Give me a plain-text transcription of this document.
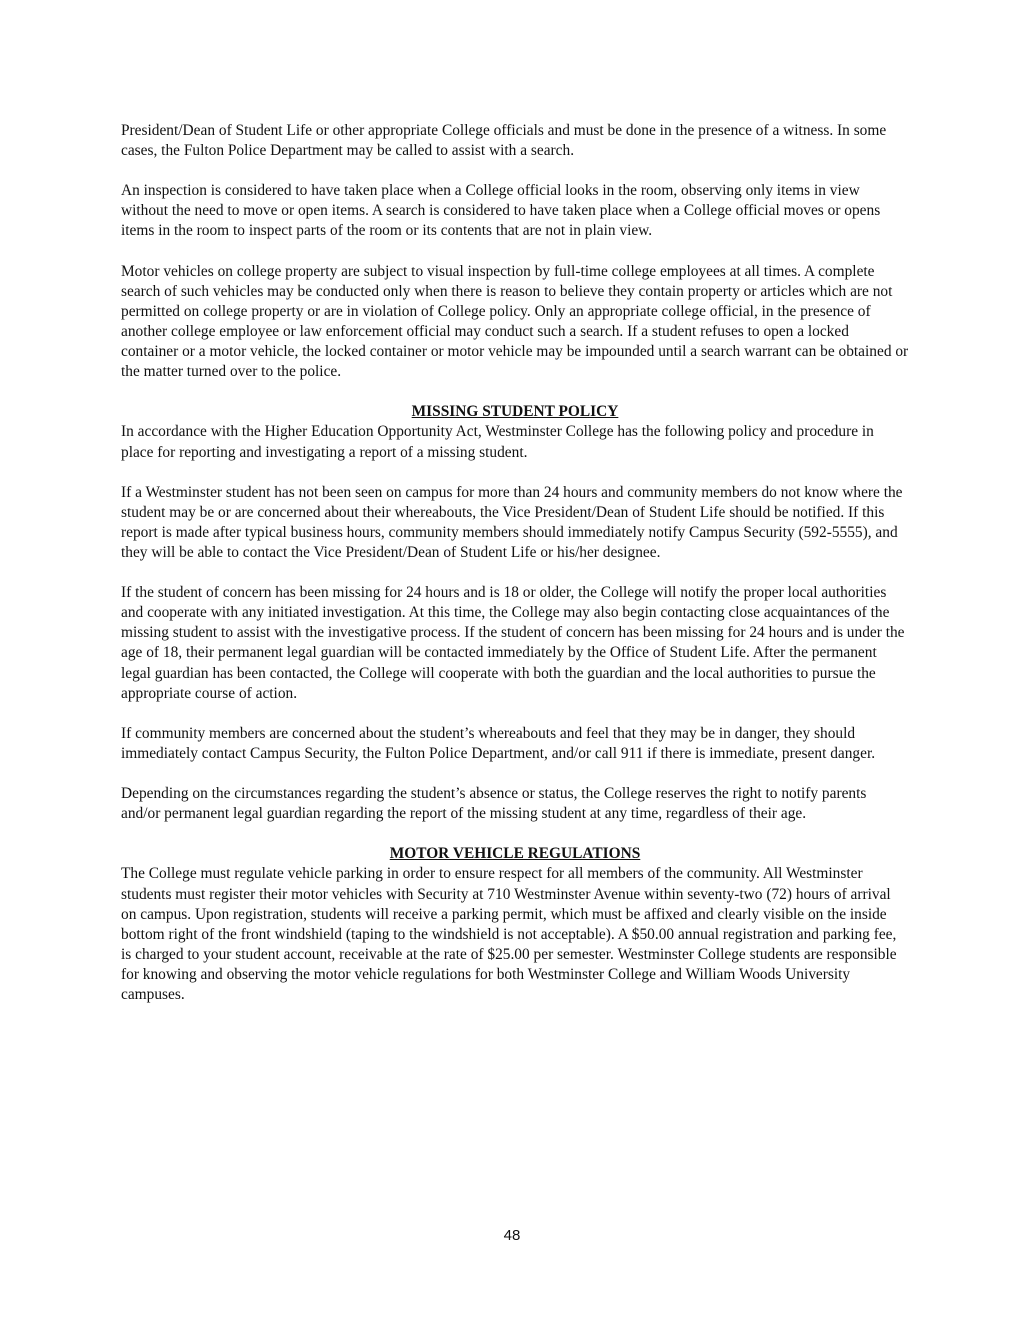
President/Dean of Student Life or other appropriate College officials and must be done in the presence of a witness. In some cases, the Fulton Police Department may be called to assist with a search.

An inspection is considered to have taken place when a College official looks in the room, observing only items in view without the need to move or open items. A search is considered to have taken place when a College official moves or opens items in the room to inspect parts of the room or its contents that are not in plain view.

Motor vehicles on college property are subject to visual inspection by full-time college employees at all times. A complete search of such vehicles may be conducted only when there is reason to believe they contain property or articles which are not permitted on college property or are in violation of College policy. Only an appropriate college official, in the presence of another college employee or law enforcement official may conduct such a search. If a student refuses to open a locked container or a motor vehicle, the locked container or motor vehicle may be impounded until a search warrant can be obtained or the matter turned over to the police.

MISSING STUDENT POLICY

In accordance with the Higher Education Opportunity Act, Westminster College has the following policy and procedure in place for reporting and investigating a report of a missing student.

If a Westminster student has not been seen on campus for more than 24 hours and community members do not know where the student may be or are concerned about their whereabouts, the Vice President/Dean of Student Life should be notified. If this report is made after typical business hours, community members should immediately notify Campus Security (592-5555), and they will be able to contact the Vice President/Dean of Student Life or his/her designee.

If the student of concern has been missing for 24 hours and is 18 or older, the College will notify the proper local authorities and cooperate with any initiated investigation. At this time, the College may also begin contacting close acquaintances of the missing student to assist with the investigative process. If the student of concern has been missing for 24 hours and is under the age of 18, their permanent legal guardian will be contacted immediately by the Office of Student Life. After the permanent legal guardian has been contacted, the College will cooperate with both the guardian and the local authorities to pursue the appropriate course of action.

If community members are concerned about the student’s whereabouts and feel that they may be in danger, they should immediately contact Campus Security, the Fulton Police Department, and/or call 911 if there is immediate, present danger.

Depending on the circumstances regarding the student’s absence or status, the College reserves the right to notify parents and/or permanent legal guardian regarding the report of the missing student at any time, regardless of their age.

MOTOR VEHICLE REGULATIONS

The College must regulate vehicle parking in order to ensure respect for all members of the community. All Westminster students must register their motor vehicles with Security at 710 Westminster Avenue within seventy-two (72) hours of arrival on campus. Upon registration, students will receive a parking permit, which must be affixed and clearly visible on the inside bottom right of the front windshield (taping to the windshield is not acceptable). A $50.00 annual registration and parking fee, is charged to your student account, receivable at the rate of $25.00 per semester. Westminster College students are responsible for knowing and observing the motor vehicle regulations for both Westminster College and William Woods University campuses.

48
